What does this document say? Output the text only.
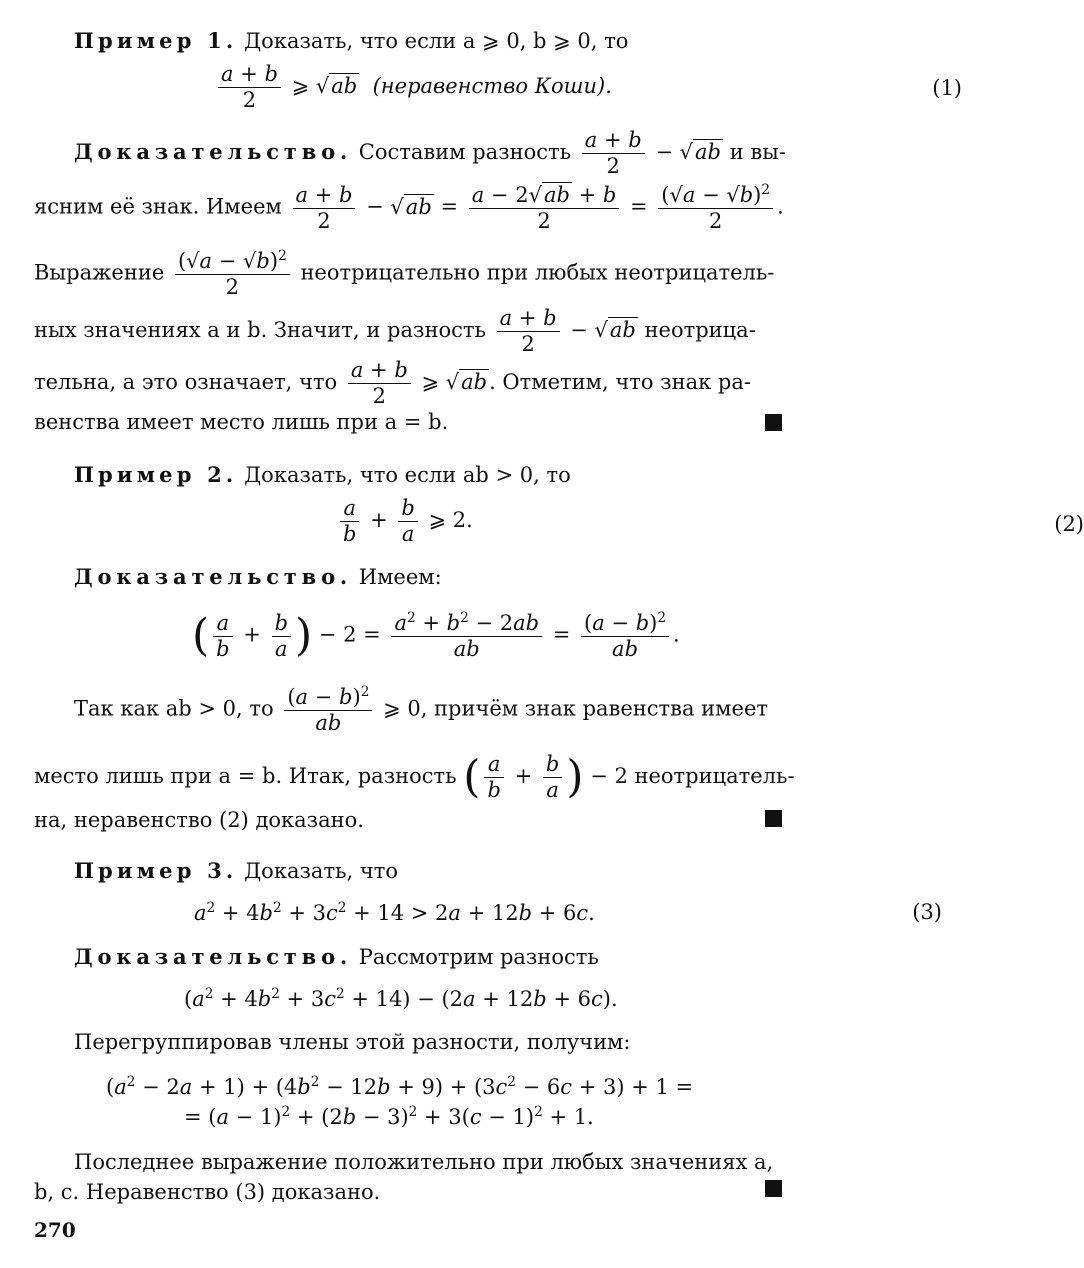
Пример 1. Доказать, что если a ⩾ 0, b ⩾ 0, то
$\frac{a + b}{2}$ ⩾ √ab (неравенство Коши).	(1)
Доказательство. Составим разность $\frac{a + b}{2} - √ab$ и вы-
ясним её знак. Имеем $\frac{a + b}{2} - √ab = \frac{a - 2√ab + b}{2} = \frac{(√a - √b)^2}{2}$ .
Выражение $\frac{(√a - √b)^2}{2}$ неотрицательно при любых неотрицатель-
ных значениях a и b. Значит, и разность $\frac{a + b}{2} - √ab$ неотрица-
тельна, а это означает, что $\frac{a + b}{2}$ ⩾ √ab. Отметим, что знак ра-
венства имеет место лишь при a = b.
Пример 2. Доказать, что если ab > 0, то
$\frac{a}{b} + \frac{b}{a}$ ⩾ 2.	(2)
Доказательство. Имеем:
( $\frac{a}{b} + \frac{b}{a}$ ) − $2 = \frac{a^2 + b^2 - 2ab}{ab} = \frac{(a - b)^2}{ab}$ .
Так как ab > 0, то $\frac{(a - b)^2}{ab}$ ⩾ 0, причём знак равенства имеет
место лишь при a = b. Итак, разность ( $\frac{a}{b} + \frac{b}{a}$ ) − 2 неотрицатель-
на, неравенство (2) доказано.
Пример 3. Доказать, что
$a^2 + 4b^2 + 3c^2 + 14 > 2a + 12b + 6c$.	(3)
Доказательство. Рассмотрим разность
$(a^2 + 4b^2 + 3c^2 + 14) - (2a + 12b + 6c)$.
Перегруппировав члены этой разности, получим:
$(a^2 - 2a + 1) + (4b^2 - 12b + 9) + (3c^2 - 6c + 3) + 1$ =
= $(a - 1)^2 + (2b - 3)^2 + 3(c - 1)^2 + 1$.
Последнее выражение положительно при любых значениях a,
b, c. Неравенство (3) доказано.
270
